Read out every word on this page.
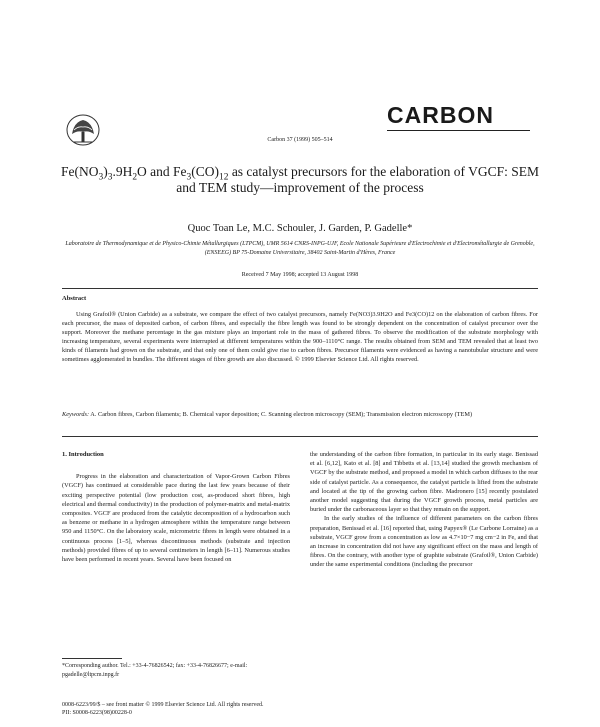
CARBON
Carbon 37 (1999) 505–514
$Fe(NO_3)_3.9H_2O$ and $Fe_3(CO)_{12}$ as catalyst precursors for the elaboration of VGCF: SEM and TEM study—improvement of the process
Quoc Toan Le, M.C. Schouler, J. Garden, P. Gadelle*
Laboratoire de Thermodynamique et de Physico-Chimie Métallurgiques (LTPCM), UMR 5614 CNRS-INPG-UJF, Ecole Nationale Supérieure d'Electrochimie et d'Electrométallurgie de Grenoble, (ENSEEG) BP 75-Domaine Universitaire, 38402 Saint-Martin d'Hères, France
Received 7 May 1998; accepted 13 August 1998
Abstract
Using Grafoil® (Union Carbide) as a substrate, we compare the effect of two catalyst precursors, namely Fe(NO3)3.9H2O and Fe3(CO)12 on the elaboration of carbon fibres. For each precursor, the mass of deposited carbon, of carbon fibres, and especially the fibre length was found to be strongly dependent on the concentration of catalyst precursor over the support. Moreover the methane percentage in the gas mixture plays an important role in the mass of gathered fibres. To observe the modification of the substrate morphology with increasing temperature, several experiments were interrupted at different temperatures within the 900–1110°C range. The results obtained from SEM and TEM revealed that at least two kinds of filaments had grown on the substrate, and that only one of them could give rise to carbon fibres. Precursor filaments were evidenced as having a nanotubular structure and were sometimes agglomerated in bundles. The different stages of fibre growth are also discussed. © 1999 Elsevier Science Ltd. All rights reserved.
Keywords: A. Carbon fibres, Carbon filaments; B. Chemical vapor deposition; C. Scanning electron microscopy (SEM); Transmission electron microscopy (TEM)
1. Introduction

Progress in the elaboration and characterization of Vapor-Grown Carbon Fibres (VGCF) has continued at considerable pace during the last few years because of their exciting perspective potential (low production cost, as-produced short fibres, high electrical and thermal conductivity) in the production of polymer-matrix and metal-matrix composites. VGCF are produced from the catalytic decomposition of a hydrocarbon such as benzene or methane in a hydrogen atmosphere within the temperature range between 950 and 1150°C. On the laboratory scale, micrometric fibres in length were obtained in a continuous process [1–5], whereas discontinuous methods (substrate and injection methods) provided fibres of up to several centimeters in length [6–11]. Numerous studies have been performed in recent years. Several have been focused on

the understanding of the carbon fibre formation, in particular in its early stage. Benissad et al. [6,12], Kato et al. [8] and Tibbetts et al. [13,14] studied the growth mechanism of VGCF by the substrate method, and proposed a model in which carbon diffuses to the rear side of catalyst particle. As a consequence, the catalyst particle is lifted from the substrate and located at the tip of the growing carbon fibre. Madronero [15] recently postulated another model suggesting that during the VGCF growth process, metal particles are buried under the carbonaceous layer so that they remain on the support.

In the early studies of the influence of different parameters on the carbon fibres preparation, Benissad et al. [16] reported that, using Papyex® (Le Carbone Lorraine) as a substrate, VGCF grow from a concentration as low as 4.7×10−7 mg cm−2 in Fe, and that an increase in concentration did not have any significant effect on the mass and length of fibres. On the contrary, with another type of graphite substrate (Grafoil®, Union Carbide) under the same experimental conditions (including the precursor

*Corresponding author. Tel.: +33-4-76826542; fax: +33-4-76826677; e-mail: pgadelle@ltpcm.inpg.fr
0008-6223/99/$ – see front matter © 1999 Elsevier Science Ltd. All rights reserved.
PII: S0008-6223(98)00228-0
